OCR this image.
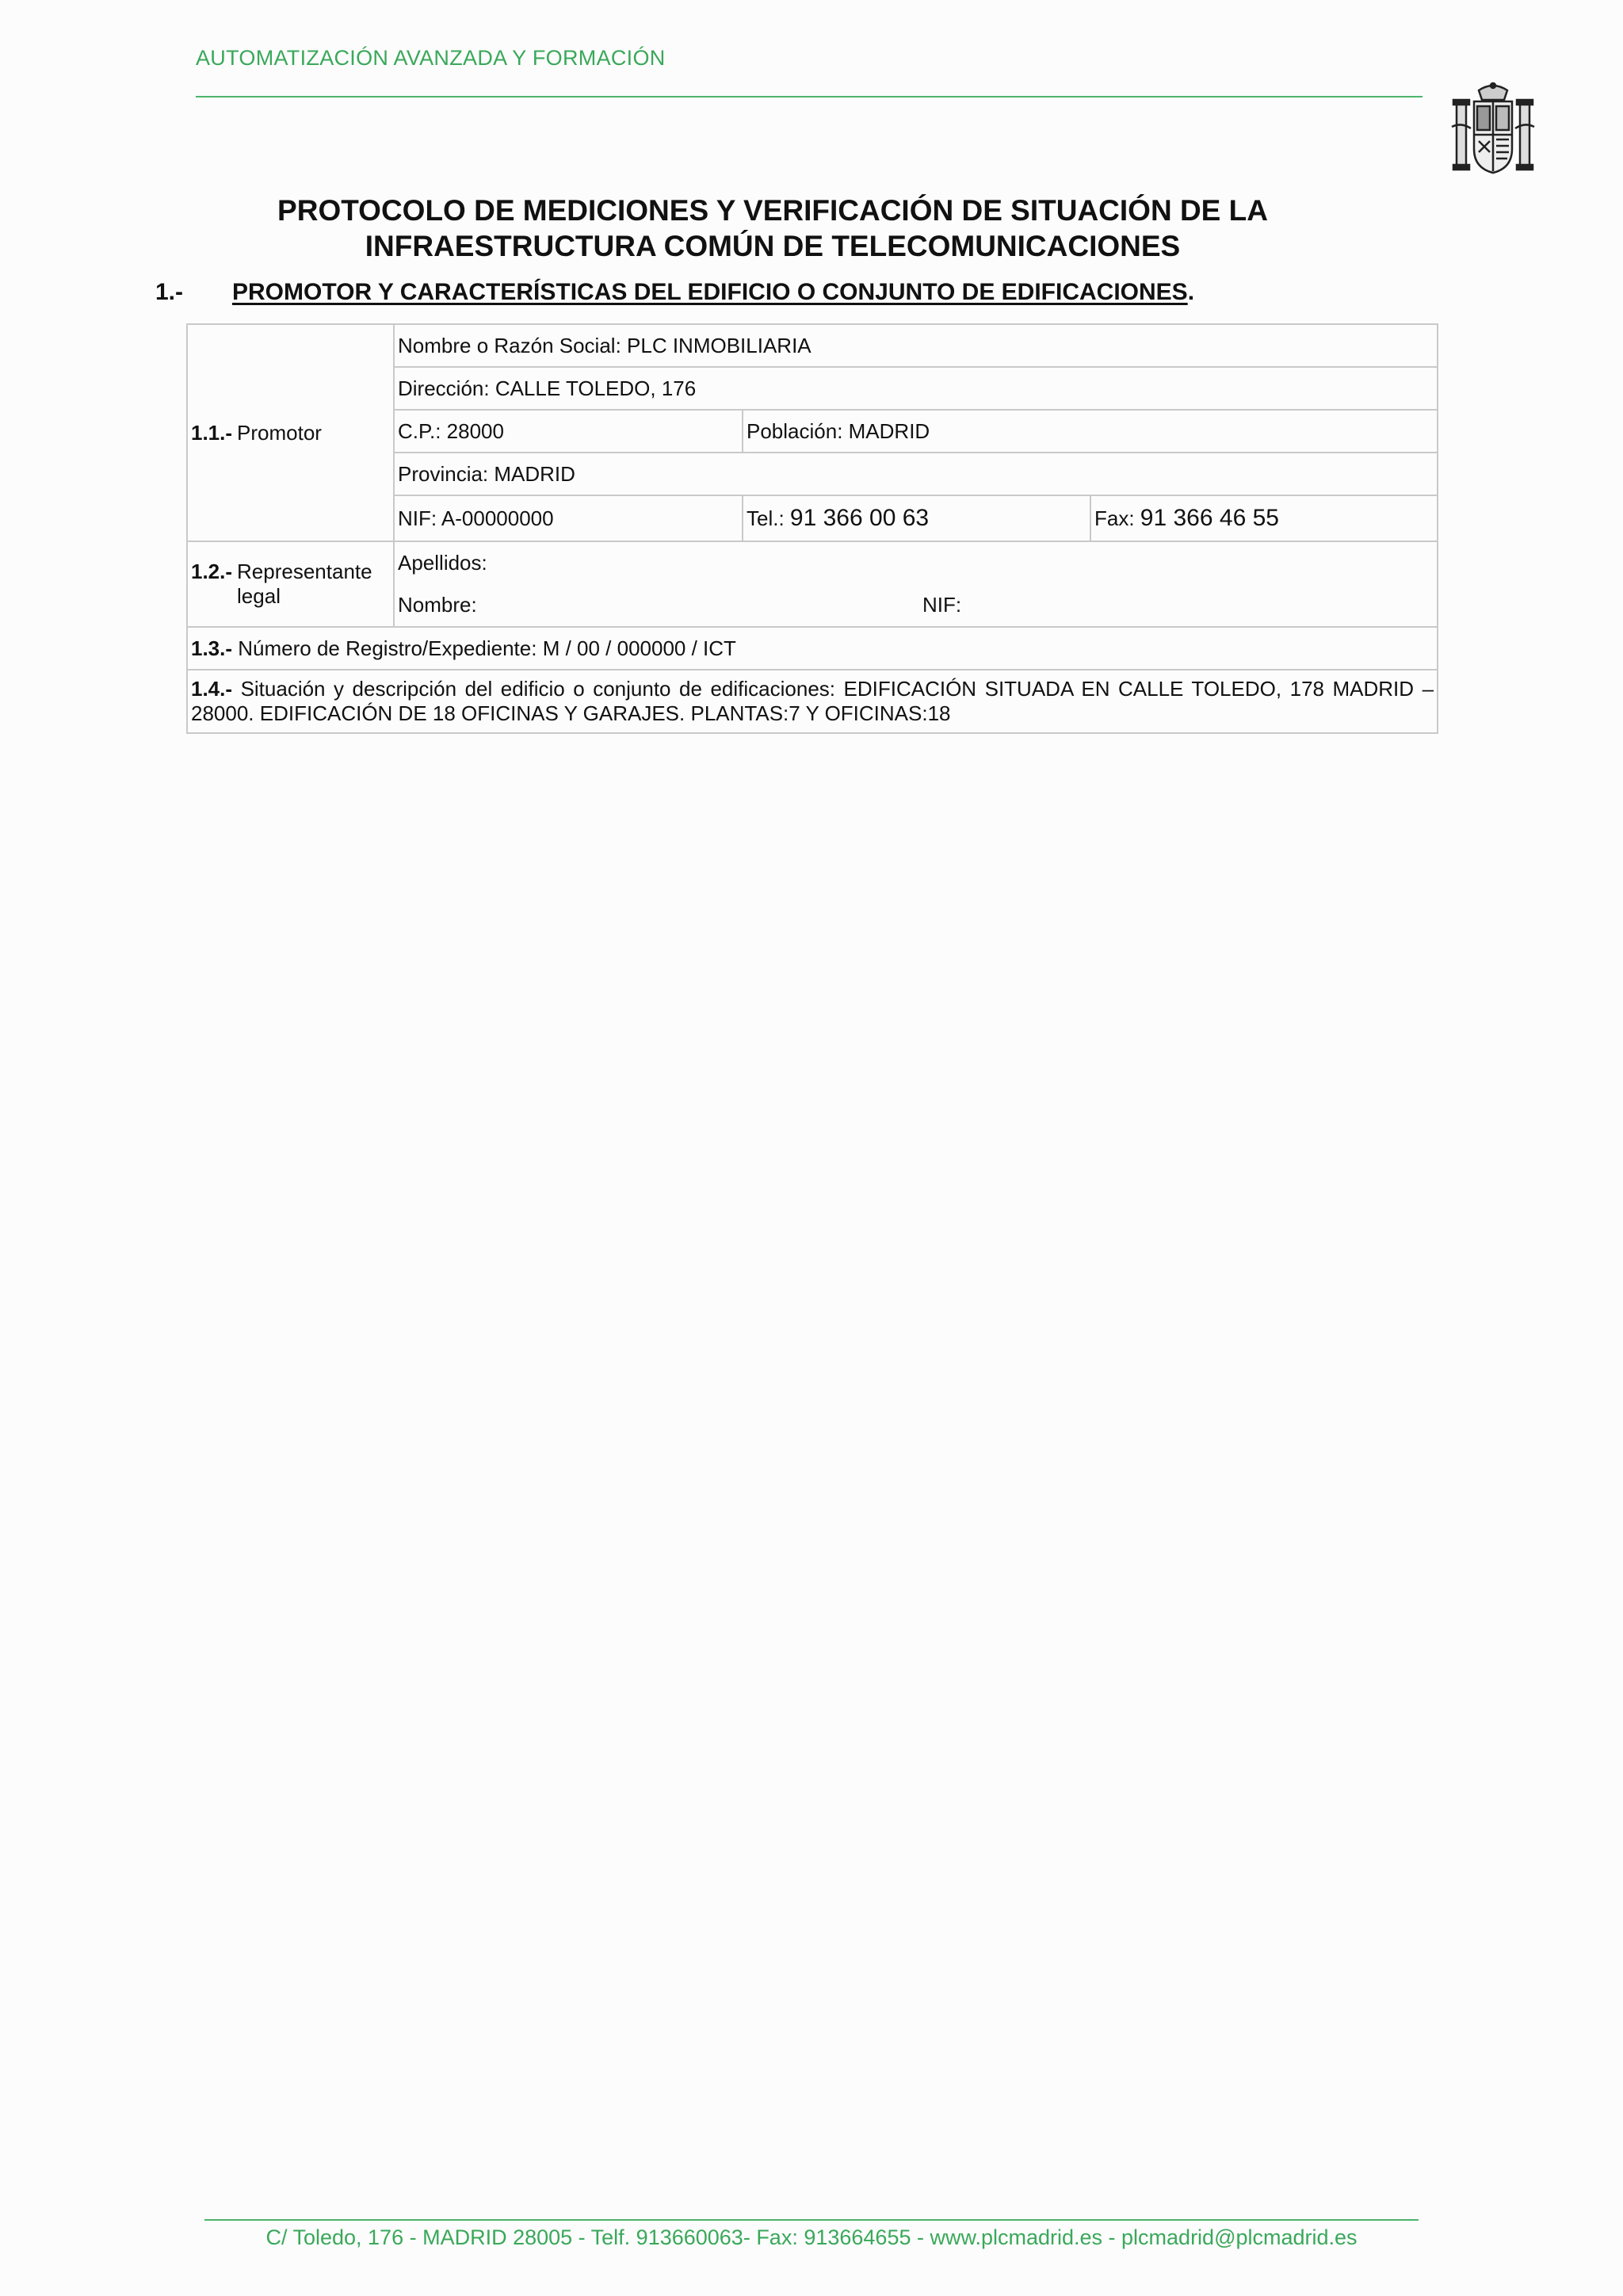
AUTOMATIZACIÓN AVANZADA Y FORMACIÓN
PROTOCOLO DE MEDICIONES Y VERIFICACIÓN DE SITUACIÓN DE LA
INFRAESTRUCTURA COMÚN DE TELECOMUNICACIONES
1.- PROMOTOR Y CARACTERÍSTICAS DEL EDIFICIO O CONJUNTO DE EDIFICACIONES.
1.1.- Promotor	Nombre o Razón Social: PLC INMOBILIARIA		
	Dirección: CALLE TOLEDO, 176		
	C.P.: 28000	Población: MADRID	
	Provincia: MADRID		
	NIF: A-00000000	Tel.: 91 366 00 63	Fax: 91 366 46 55

1.2.- Representante legal	Apellidos:		
	Nombre: NIF:		
1.3.- Número de Registro/Expediente: M / 00 / 000000 / ICT			
1.4.- Situación y descripción del edificio o conjunto de edificaciones: EDIFICACIÓN SITUADA EN CALLE TOLEDO, 178 MADRID – 28000. EDIFICACIÓN DE 18 OFICINAS Y GARAJES. PLANTAS:7 Y OFICINAS:18			
C/ Toledo, 176 - MADRID 28005 - Telf. 913660063- Fax: 913664655 - www.plcmadrid.es - plcmadrid@plcmadrid.es
